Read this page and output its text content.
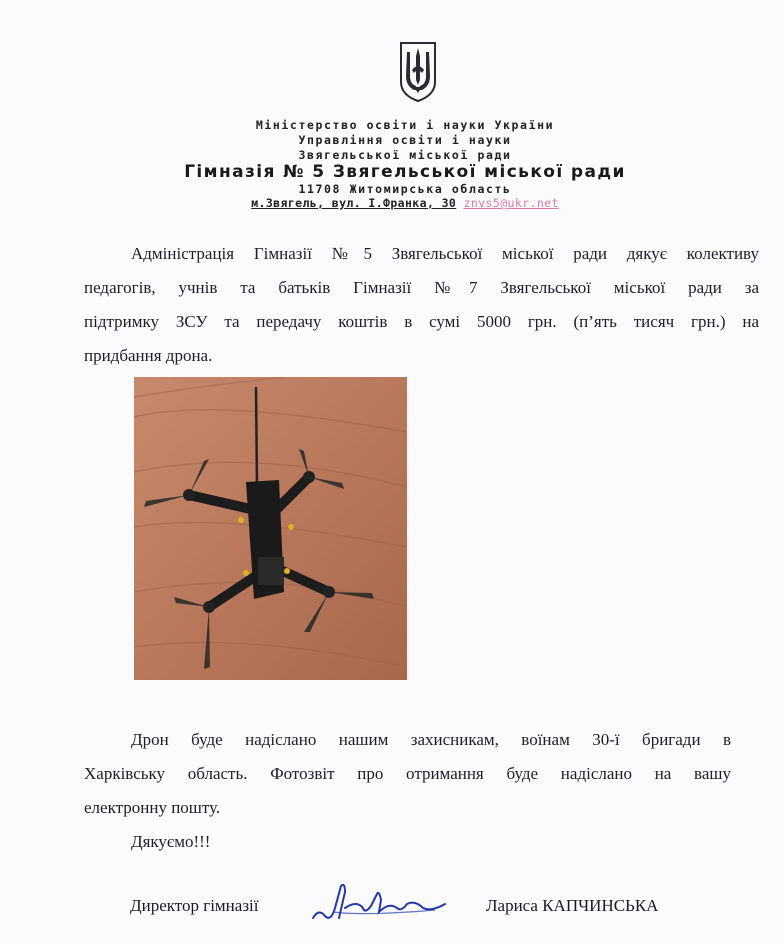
Міністерство освіти і науки України
Управління освіти і науки
Звягельської міської ради
Гімназія № 5 Звягельської міської ради
11708 Житомирська область
м.Звягель, вул. І.Франка, 30 znvs5@ukr.net
Адміністрація Гімназії №5 Звягельської міської ради дякує колективу
педагогів, учнів та батьків Гімназії №7 Звягельської міської ради за
підтримку ЗСУ та передачу коштів в сумі 5000 грн. (п’ять тисяч грн.) на
придбання дрона.
Дрон буде надіслано нашим захисникам, воїнам 30-ї бригади в
Харківську область. Фотозвіт про отримання буде надіслано на вашу
електронну пошту.
Дякуємо!!!
Директор гімназії	Лариса КАПЧИНСЬКА
